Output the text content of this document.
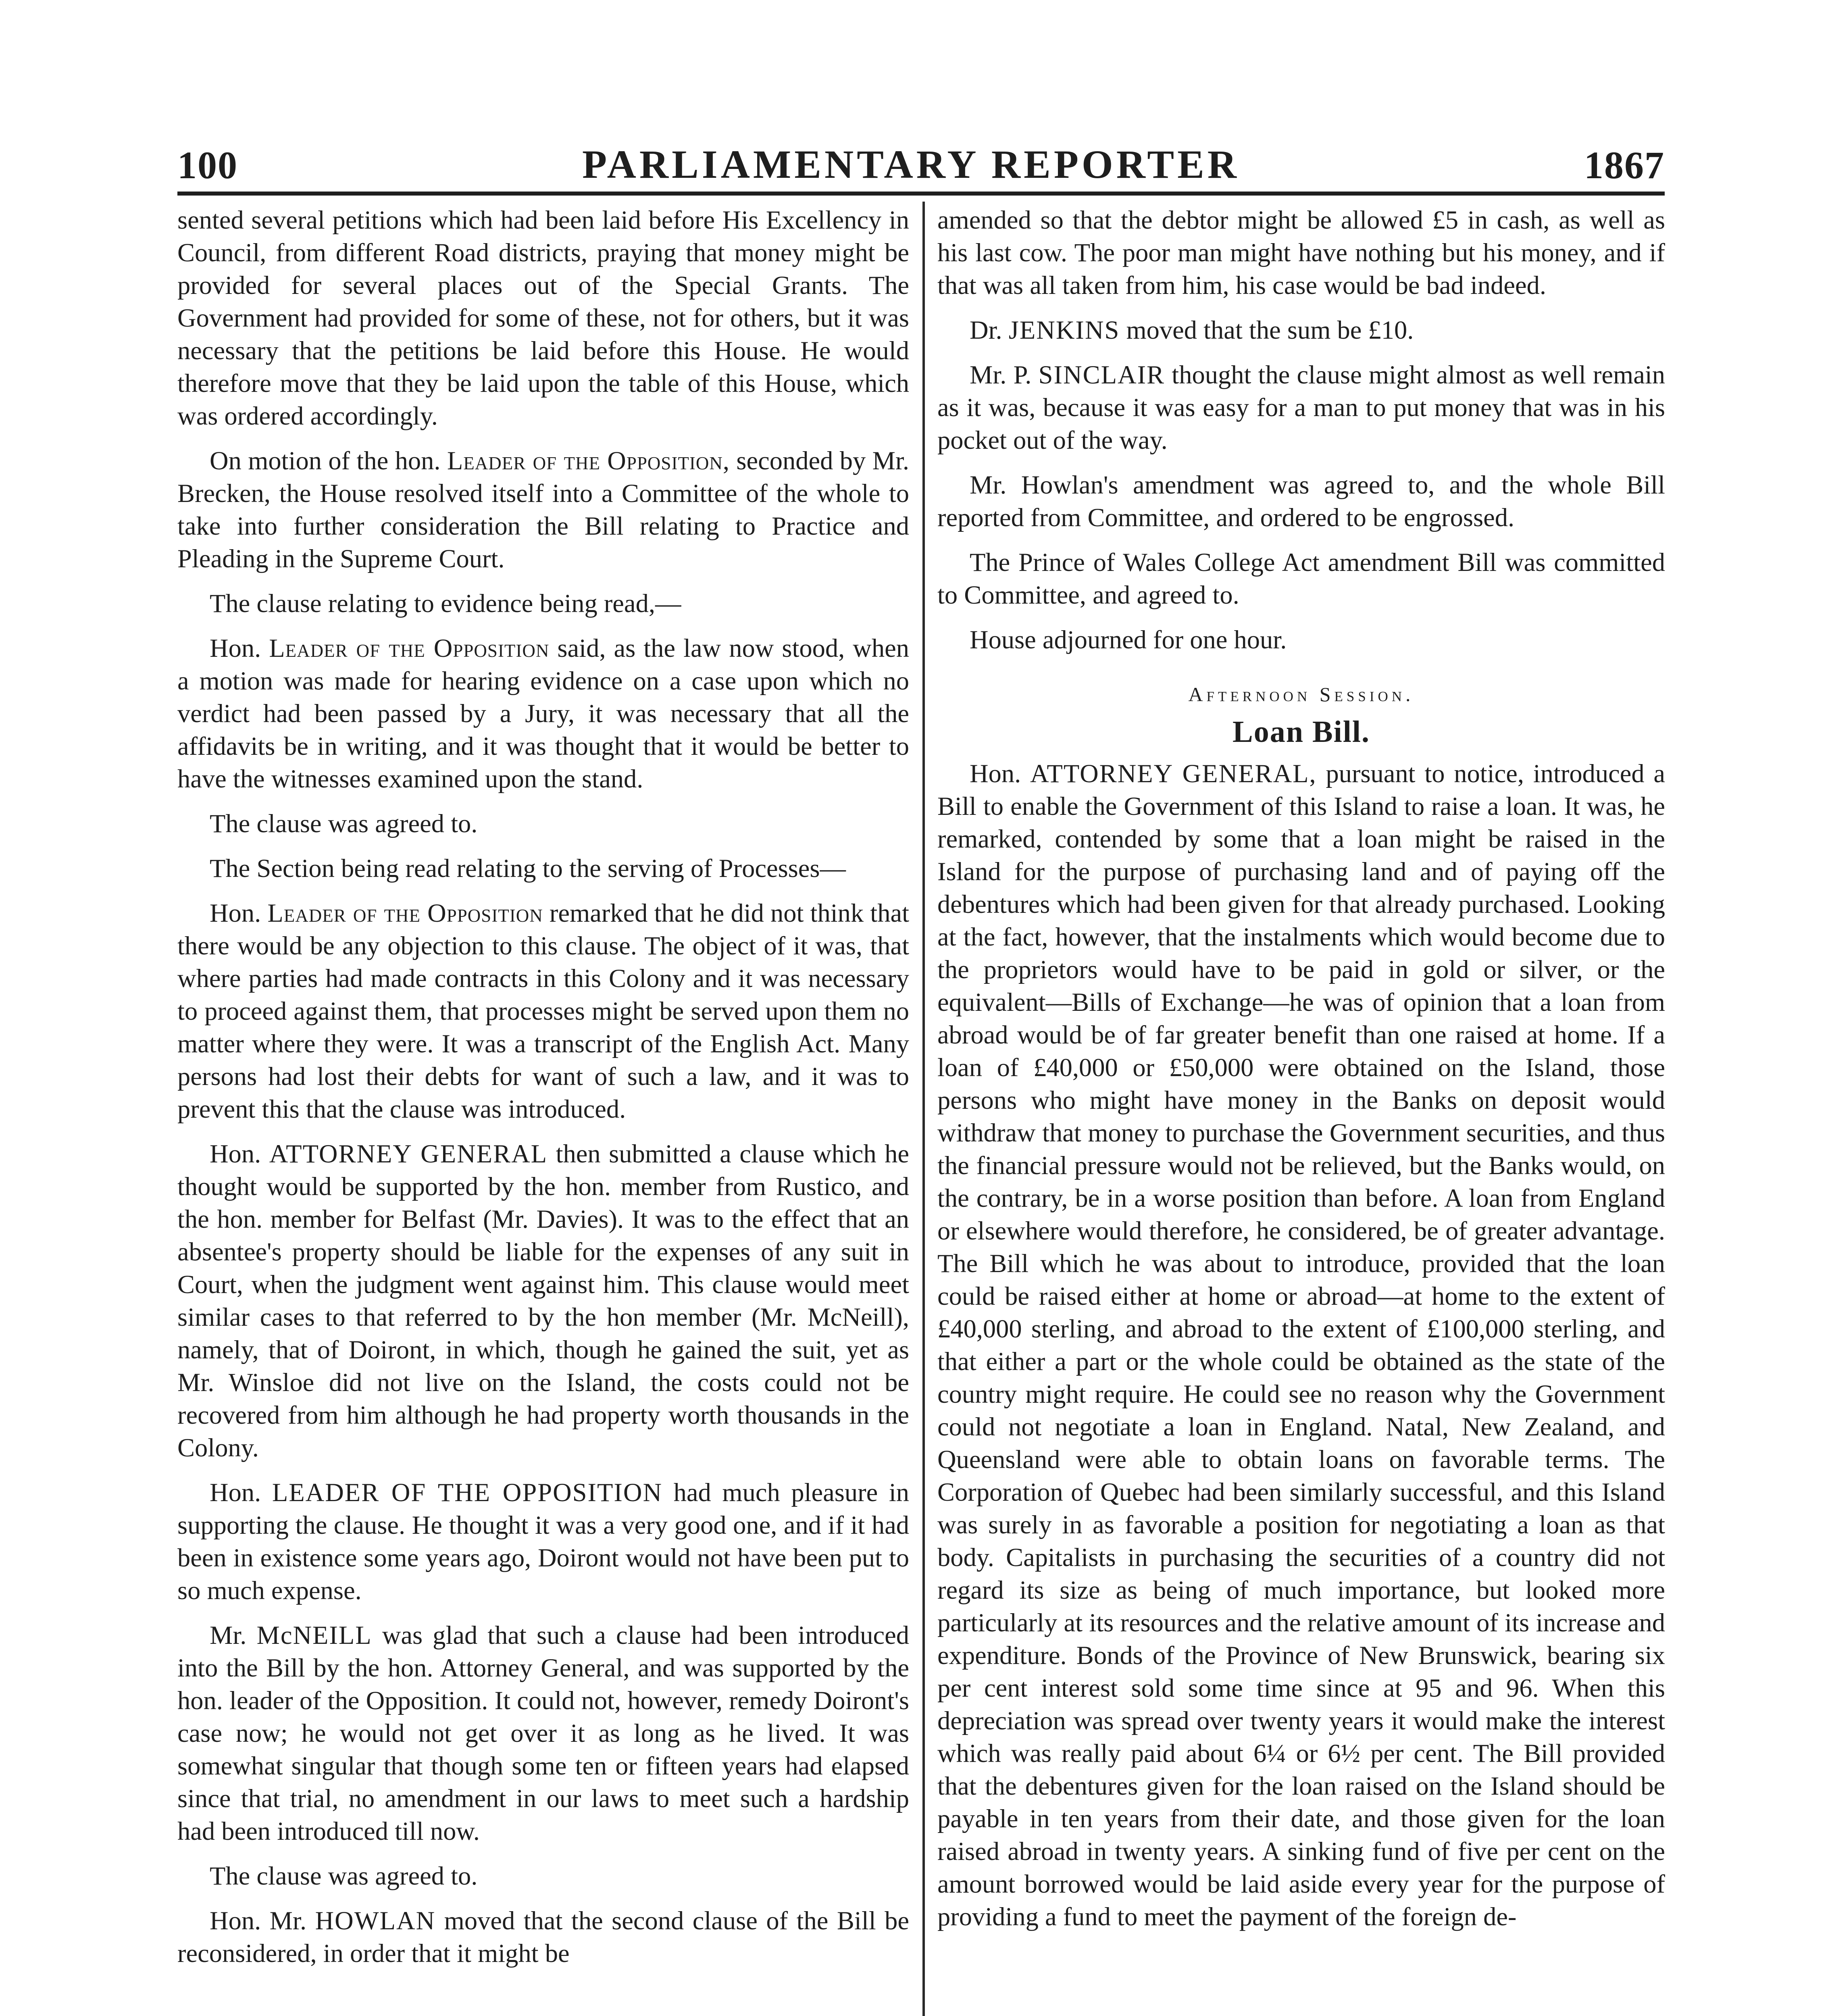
100	PARLIAMENTARY REPORTER	1867

sented several petitions which had been laid before His Excellency in Council, from different Road districts, praying that money might be provided for several places out of the Special Grants. The Government had provided for some of these, not for others, but it was necessary that the petitions be laid before this House. He would therefore move that they be laid upon the table of this House, which was ordered accordingly.

On motion of the hon. Leader of the Opposition, seconded by Mr. Brecken, the House resolved itself into a Committee of the whole to take into further consideration the Bill relating to Practice and Pleading in the Supreme Court.

The clause relating to evidence being read,—

Hon. Leader of the Opposition said, as the law now stood, when a motion was made for hearing evidence on a case upon which no verdict had been passed by a Jury, it was necessary that all the affidavits be in writing, and it was thought that it would be better to have the witnesses examined upon the stand.

The clause was agreed to.

The Section being read relating to the serving of Processes—

Hon. Leader of the Opposition remarked that he did not think that there would be any objection to this clause. The object of it was, that where parties had made contracts in this Colony and it was necessary to proceed against them, that processes might be served upon them no matter where they were. It was a transcript of the English Act. Many persons had lost their debts for want of such a law, and it was to prevent this that the clause was introduced.

Hon. ATTORNEY GENERAL then submitted a clause which he thought would be supported by the hon. member from Rustico, and the hon. member for Belfast (Mr. Davies). It was to the effect that an absentee's property should be liable for the expenses of any suit in Court, when the judgment went against him. This clause would meet similar cases to that referred to by the hon member (Mr. McNeill), namely, that of Doiront, in which, though he gained the suit, yet as Mr. Winsloe did not live on the Island, the costs could not be recovered from him although he had property worth thousands in the Colony.

Hon. LEADER OF THE OPPOSITION had much pleasure in supporting the clause. He thought it was a very good one, and if it had been in existence some years ago, Doiront would not have been put to so much expense.

Mr. McNEILL was glad that such a clause had been introduced into the Bill by the hon. Attorney General, and was supported by the hon. leader of the Opposition. It could not, however, remedy Doiront's case now; he would not get over it as long as he lived. It was somewhat singular that though some ten or fifteen years had elapsed since that trial, no amendment in our laws to meet such a hardship had been introduced till now.

The clause was agreed to.

Hon. Mr. HOWLAN moved that the second clause of the Bill be reconsidered, in order that it might be

amended so that the debtor might be allowed £5 in cash, as well as his last cow. The poor man might have nothing but his money, and if that was all taken from him, his case would be bad indeed.

Dr. JENKINS moved that the sum be £10.

Mr. P. SINCLAIR thought the clause might almost as well remain as it was, because it was easy for a man to put money that was in his pocket out of the way.

Mr. Howlan's amendment was agreed to, and the whole Bill reported from Committee, and ordered to be engrossed.

The Prince of Wales College Act amendment Bill was committed to Committee, and agreed to.

House adjourned for one hour.

Afternoon Session.
Loan Bill.

Hon. ATTORNEY GENERAL, pursuant to notice, introduced a Bill to enable the Government of this Island to raise a loan. It was, he remarked, contended by some that a loan might be raised in the Island for the purpose of purchasing land and of paying off the debentures which had been given for that already purchased. Looking at the fact, however, that the instalments which would become due to the proprietors would have to be paid in gold or silver, or the equivalent—Bills of Exchange—he was of opinion that a loan from abroad would be of far greater benefit than one raised at home. If a loan of £40,000 or £50,000 were obtained on the Island, those persons who might have money in the Banks on deposit would withdraw that money to purchase the Government securities, and thus the financial pressure would not be relieved, but the Banks would, on the contrary, be in a worse position than before. A loan from England or elsewhere would therefore, he considered, be of greater advantage. The Bill which he was about to introduce, provided that the loan could be raised either at home or abroad—at home to the extent of £40,000 sterling, and abroad to the extent of £100,000 sterling, and that either a part or the whole could be obtained as the state of the country might require. He could see no reason why the Government could not negotiate a loan in England. Natal, New Zealand, and Queensland were able to obtain loans on favorable terms. The Corporation of Quebec had been similarly successful, and this Island was surely in as favorable a position for negotiating a loan as that body. Capitalists in purchasing the securities of a country did not regard its size as being of much importance, but looked more particularly at its resources and the relative amount of its increase and expenditure. Bonds of the Province of New Brunswick, bearing six per cent interest sold some time since at 95 and 96. When this depreciation was spread over twenty years it would make the interest which was really paid about 6¼ or 6½ per cent. The Bill provided that the debentures given for the loan raised on the Island should be payable in ten years from their date, and those given for the loan raised abroad in twenty years. A sinking fund of five per cent on the amount borrowed would be laid aside every year for the purpose of providing a fund to meet the payment of the foreign de-
